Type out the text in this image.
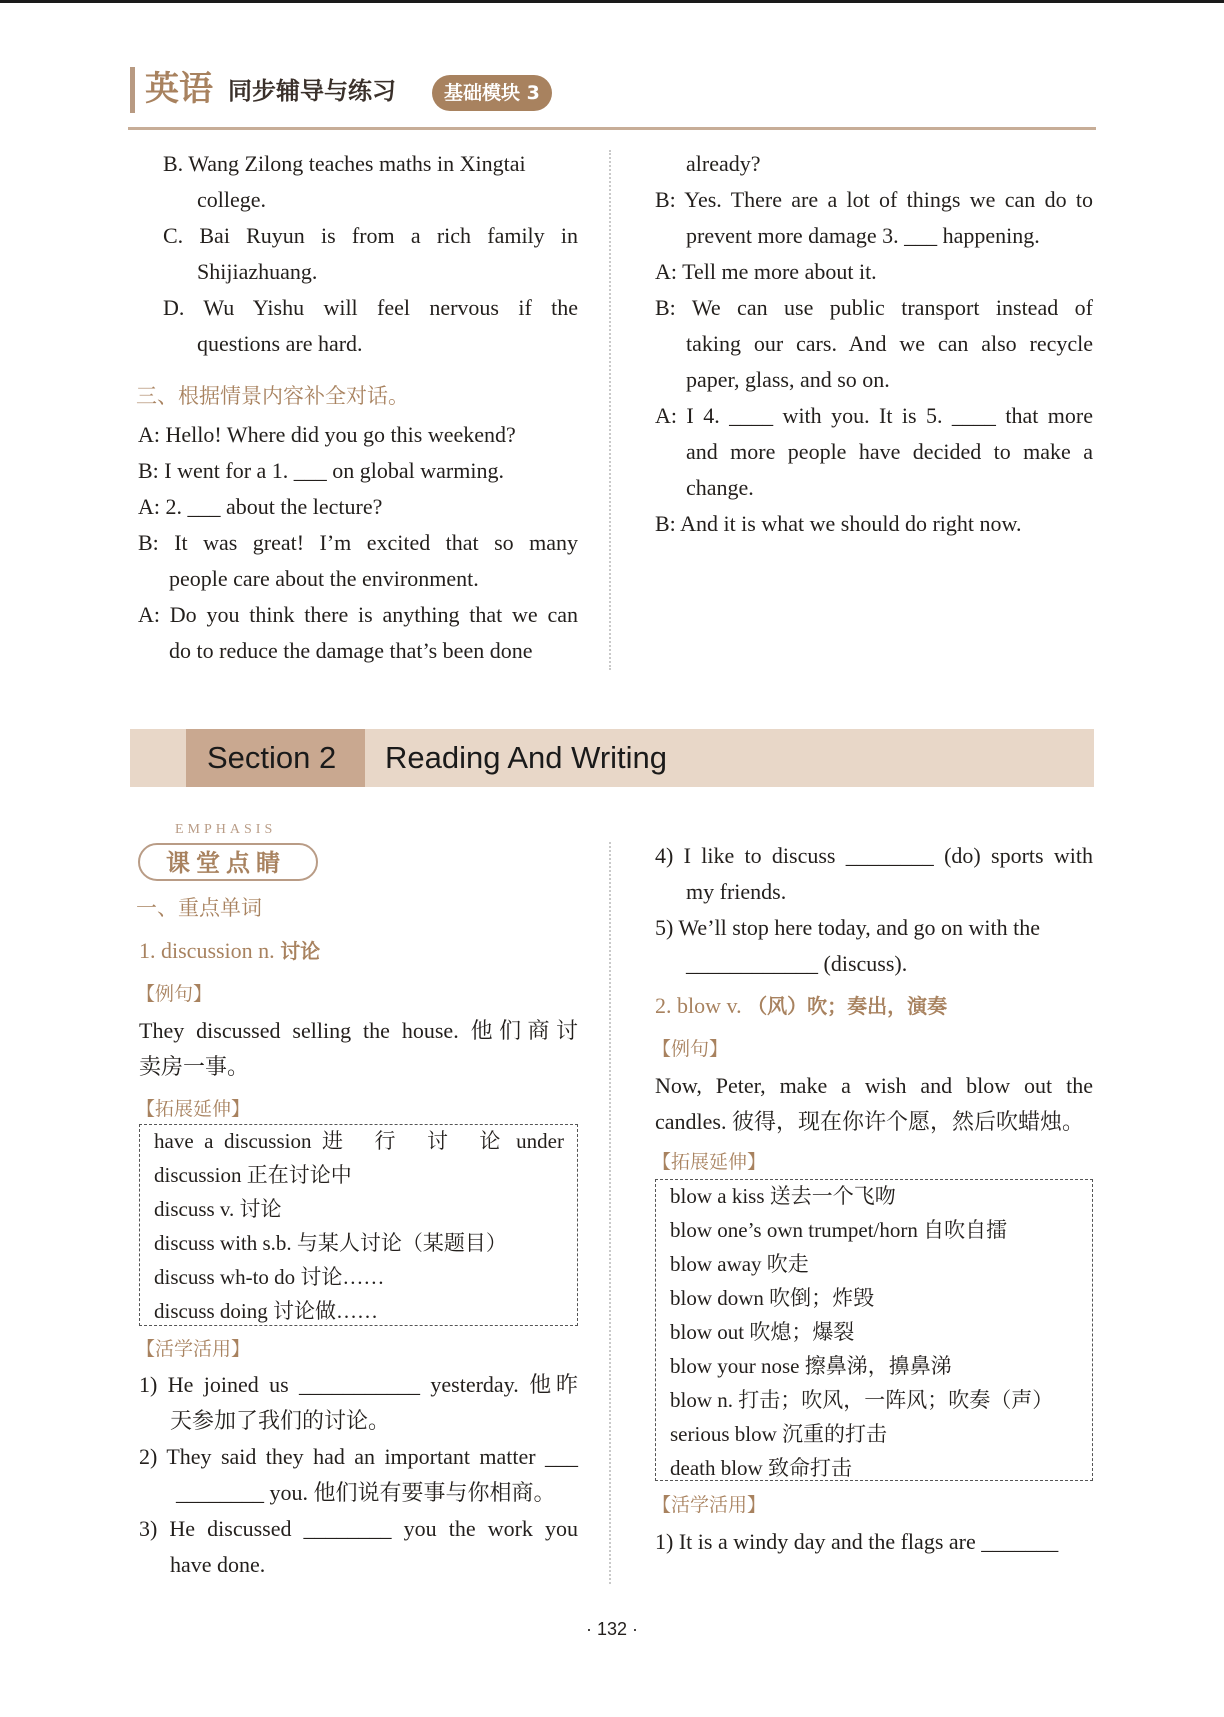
英语 同步辅导与练习	基础模块 3
B. Wang Zilong teaches maths in Xingtai
college.
C. Bai Ruyun is from a rich family in
Shijiazhuang.
D. Wu Yishu will feel nervous if the
questions are hard.
三、根据情景内容补全对话。
A: Hello! Where did you go this weekend?
B: I went for a 1. ___ on global warming.
A: 2. ___ about the lecture?
B: It was great! I’m excited that so many
people care about the environment.
A: Do you think there is anything that we can
do to reduce the damage that’s been done
already?
B: Yes. There are a lot of things we can do to
prevent more damage 3. ___ happening.
A: Tell me more about it.
B: We can use public transport instead of
taking our cars. And we can also recycle
paper, glass, and so on.
A: I 4. ____ with you. It is 5. ____ that more
and more people have decided to make a
change.
B: And it is what we should do right now.
Section 2 Reading And Writing
EMPHASIS
课堂点睛
一、重点单词
1. discussion n. 讨论
【例句】
They discussed selling the house. 他们商讨
卖房一事。
【拓展延伸】
have a discussion 进　行　讨　论 under
discussion 正在讨论中
discuss v. 讨论
discuss with s.b. 与某人讨论（某题目）
discuss wh-to do 讨论……
discuss doing 讨论做……
【活学活用】
1) He joined us ___________ yesterday. 他昨
天参加了我们的讨论。
2) They said they had an important matter ___
________ you. 他们说有要事与你相商。
3) He discussed ________ you the work you
have done.
4) I like to discuss ________ (do) sports with
my friends.
5) We’ll stop here today, and go on with the
____________ (discuss).
2. blow v. （风）吹；奏出，演奏
【例句】
Now, Peter, make a wish and blow out the
candles. 彼得，现在你许个愿，然后吹蜡烛。
【拓展延伸】
blow a kiss 送去一个飞吻
blow one’s own trumpet/horn 自吹自擂
blow away 吹走
blow down 吹倒；炸毁
blow out 吹熄；爆裂
blow your nose 擦鼻涕，擤鼻涕
blow n. 打击；吹风，一阵风；吹奏（声）
serious blow 沉重的打击
death blow 致命打击
【活学活用】
1) It is a windy day and the flags are _______
· 132 ·
